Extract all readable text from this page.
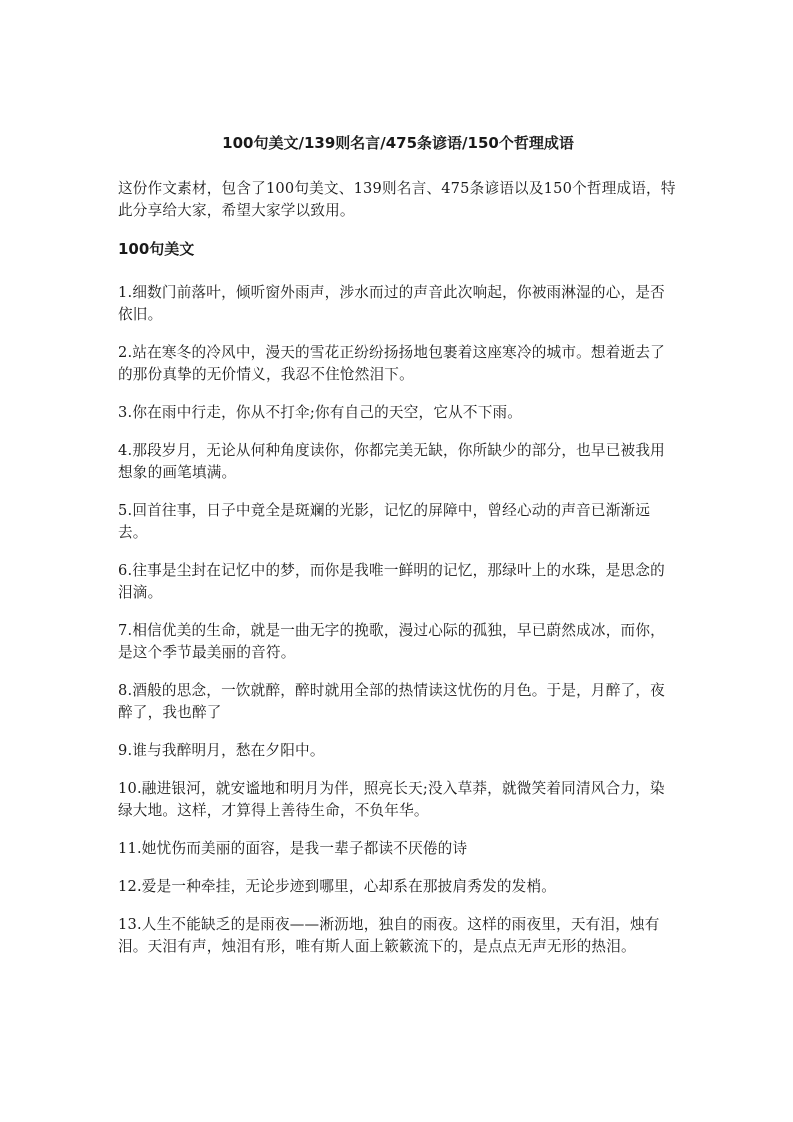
100句美文/139则名言/475条谚语/150个哲理成语
这份作文素材，包含了100句美文、139则名言、475条谚语以及150个哲理成语，特此分享给大家，希望大家学以致用。
100句美文
1.细数门前落叶，倾听窗外雨声，涉水而过的声音此次响起，你被雨淋湿的心，是否依旧。
2.站在寒冬的冷风中，漫天的雪花正纷纷扬扬地包裹着这座寒冷的城市。想着逝去了的那份真挚的无价情义，我忍不住怆然泪下。
3.你在雨中行走，你从不打伞;你有自己的天空，它从不下雨。
4.那段岁月，无论从何种角度读你，你都完美无缺，你所缺少的部分，也早已被我用想象的画笔填满。
5.回首往事，日子中竟全是斑斓的光影，记忆的屏障中，曾经心动的声音已渐渐远去。
6.往事是尘封在记忆中的梦，而你是我唯一鲜明的记忆，那绿叶上的水珠，是思念的泪滴。
7.相信优美的生命，就是一曲无字的挽歌，漫过心际的孤独，早已蔚然成冰，而你，是这个季节最美丽的音符。
8.酒般的思念，一饮就醉，醉时就用全部的热情读这忧伤的月色。于是，月醉了，夜醉了，我也醉了
9.谁与我醉明月，愁在夕阳中。
10.融进银河，就安谧地和明月为伴，照亮长天;没入草莽，就微笑着同清风合力，染绿大地。这样，才算得上善待生命，不负年华。
11.她忧伤而美丽的面容，是我一辈子都读不厌倦的诗
12.爱是一种牵挂，无论步迹到哪里，心却系在那披肩秀发的发梢。
13.人生不能缺乏的是雨夜——淅沥地，独自的雨夜。这样的雨夜里，天有泪，烛有泪。天泪有声，烛泪有形，唯有斯人面上簌簌流下的，是点点无声无形的热泪。
